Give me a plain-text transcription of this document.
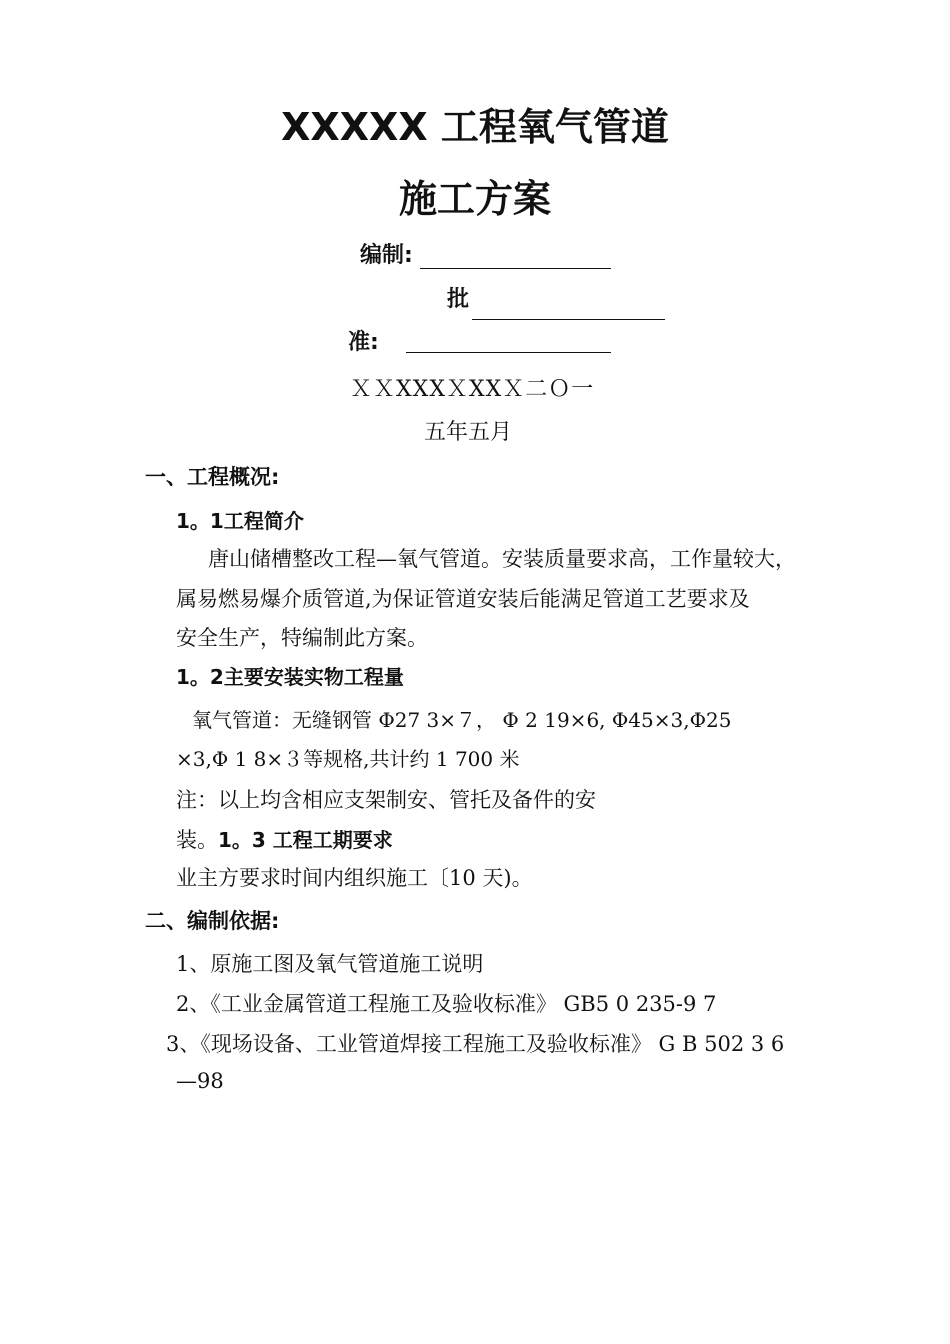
XXXXX 工程氧气管道
施工方案
编制:
批
准:
ＸＸXXXＸXXＸ二Ｏ一
五年五月
一、工程概况:
1。1工程简介
唐山储槽整改工程—氧气管道。安装质量要求高，工作量较大，
属易燃易爆介质管道,为保证管道安装后能满足管道工艺要求及
安全生产，特编制此方案。
1。2主要安装实物工程量
氧气管道：无缝钢管 Φ27 3×７， Φ 2 19×6, Φ45×3,Φ25
×3,Φ 1 8×３等规格,共计约 1 700 米
注：以上均含相应支架制安、管托及备件的安
装。 1。3 工程工期要求
业主方要求时间内组织施工〔10 天)。
二、编制依据:
1、原施工图及氧气管道施工说明
2、《工业金属管道工程施工及验收标准》 GB5 0 235-9 7
3、《现场设备、工业管道焊接工程施工及验收标准》 G B 502 3 6
—98
